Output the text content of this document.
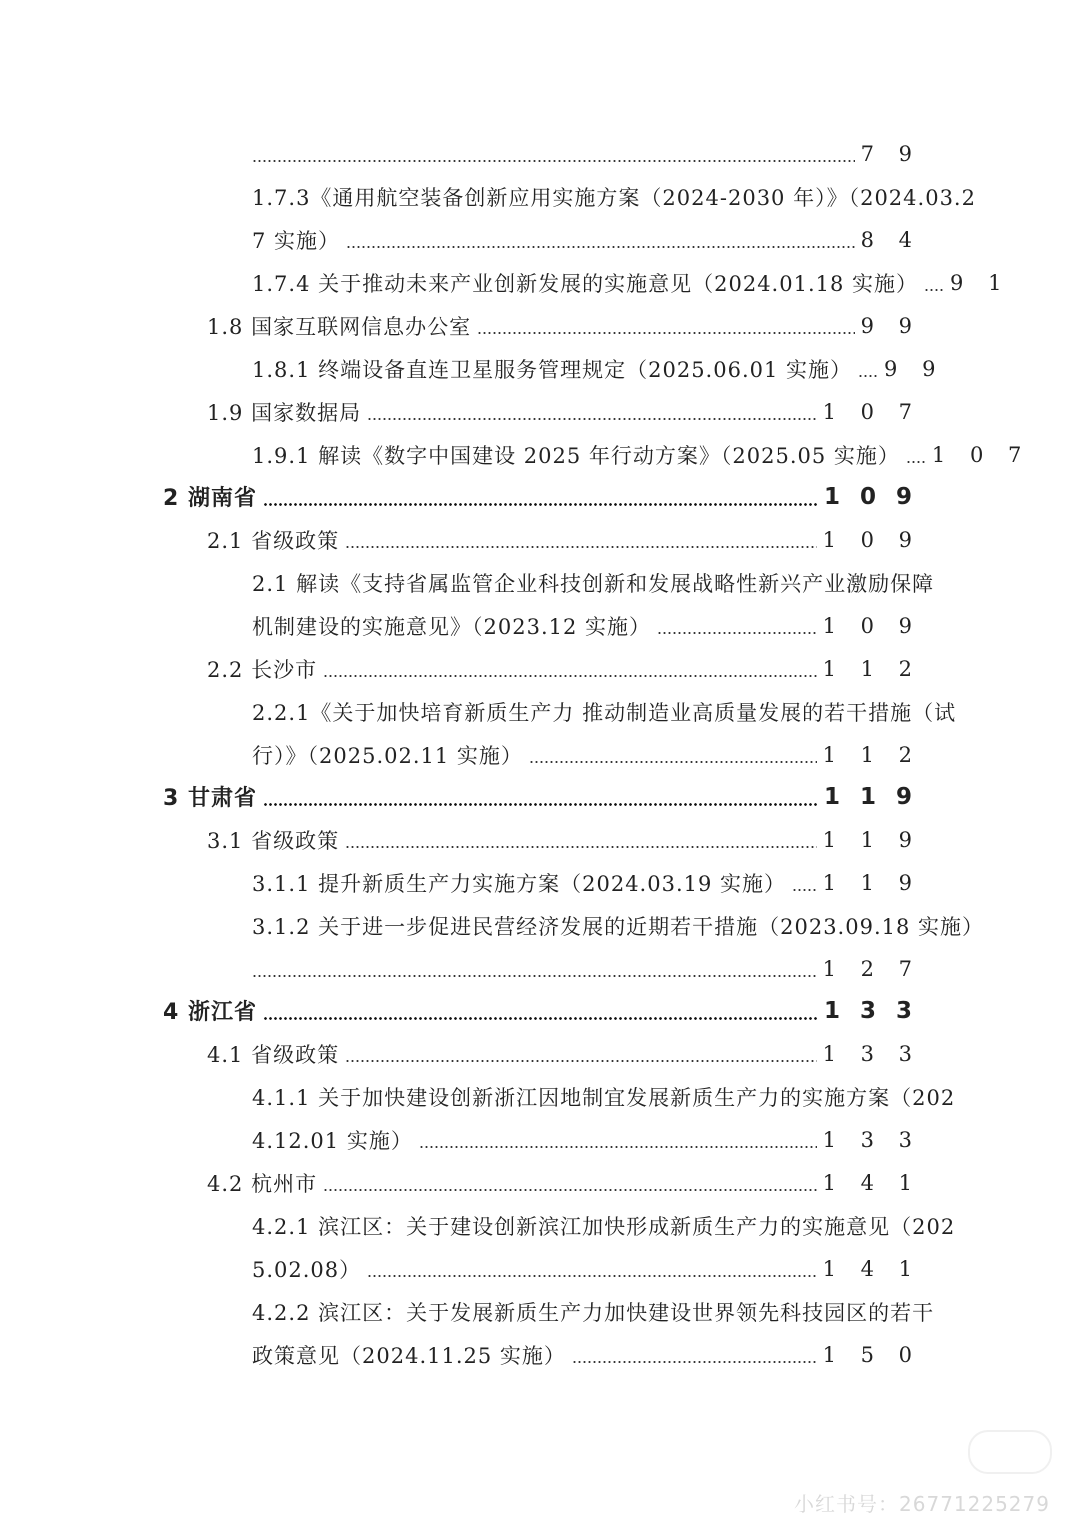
7 9
1.7.3《通用航空装备创新应用实施方案（2024-2030 年）》（2024.03.2
7 实施）	8 4
1.7.4 关于推动未来产业创新发展的实施意见（2024.01.18 实施） 9 1
1.8 国家互联网信息办公室	9 9
1.8.1 终端设备直连卫星服务管理规定（2025.06.01 实施） 9 9
1.9 国家数据局	1 0 7
1.9.1 解读《数字中国建设 2025 年行动方案》（2025.05 实施） 1 0 7
2 湖南省	1 0 9
2.1 省级政策	1 0 9
2.1 解读《支持省属监管企业科技创新和发展战略性新兴产业激励保障
机制建设的实施意见》（2023.12 实施）	1 0 9
2.2 长沙市	1 1 2
2.2.1《关于加快培育新质生产力 推动制造业高质量发展的若干措施（试
行）》（2025.02.11 实施）	1 1 2
3 甘肃省	1 1 9
3.1 省级政策	1 1 9
3.1.1 提升新质生产力实施方案（2024.03.19 实施） 1 1 9
3.1.2 关于进一步促进民营经济发展的近期若干措施（2023.09.18 实施）
1 2 7
4 浙江省	1 3 3
4.1 省级政策	1 3 3
4.1.1 关于加快建设创新浙江因地制宜发展新质生产力的实施方案（202
4.12.01 实施）	1 3 3
4.2 杭州市	1 4 1
4.2.1 滨江区：关于建设创新滨江加快形成新质生产力的实施意见（202
5.02.08）	1 4 1
4.2.2 滨江区：关于发展新质生产力加快建设世界领先科技园区的若干
政策意见（2024.11.25 实施）	1 5 0
小红书号：26771225279
